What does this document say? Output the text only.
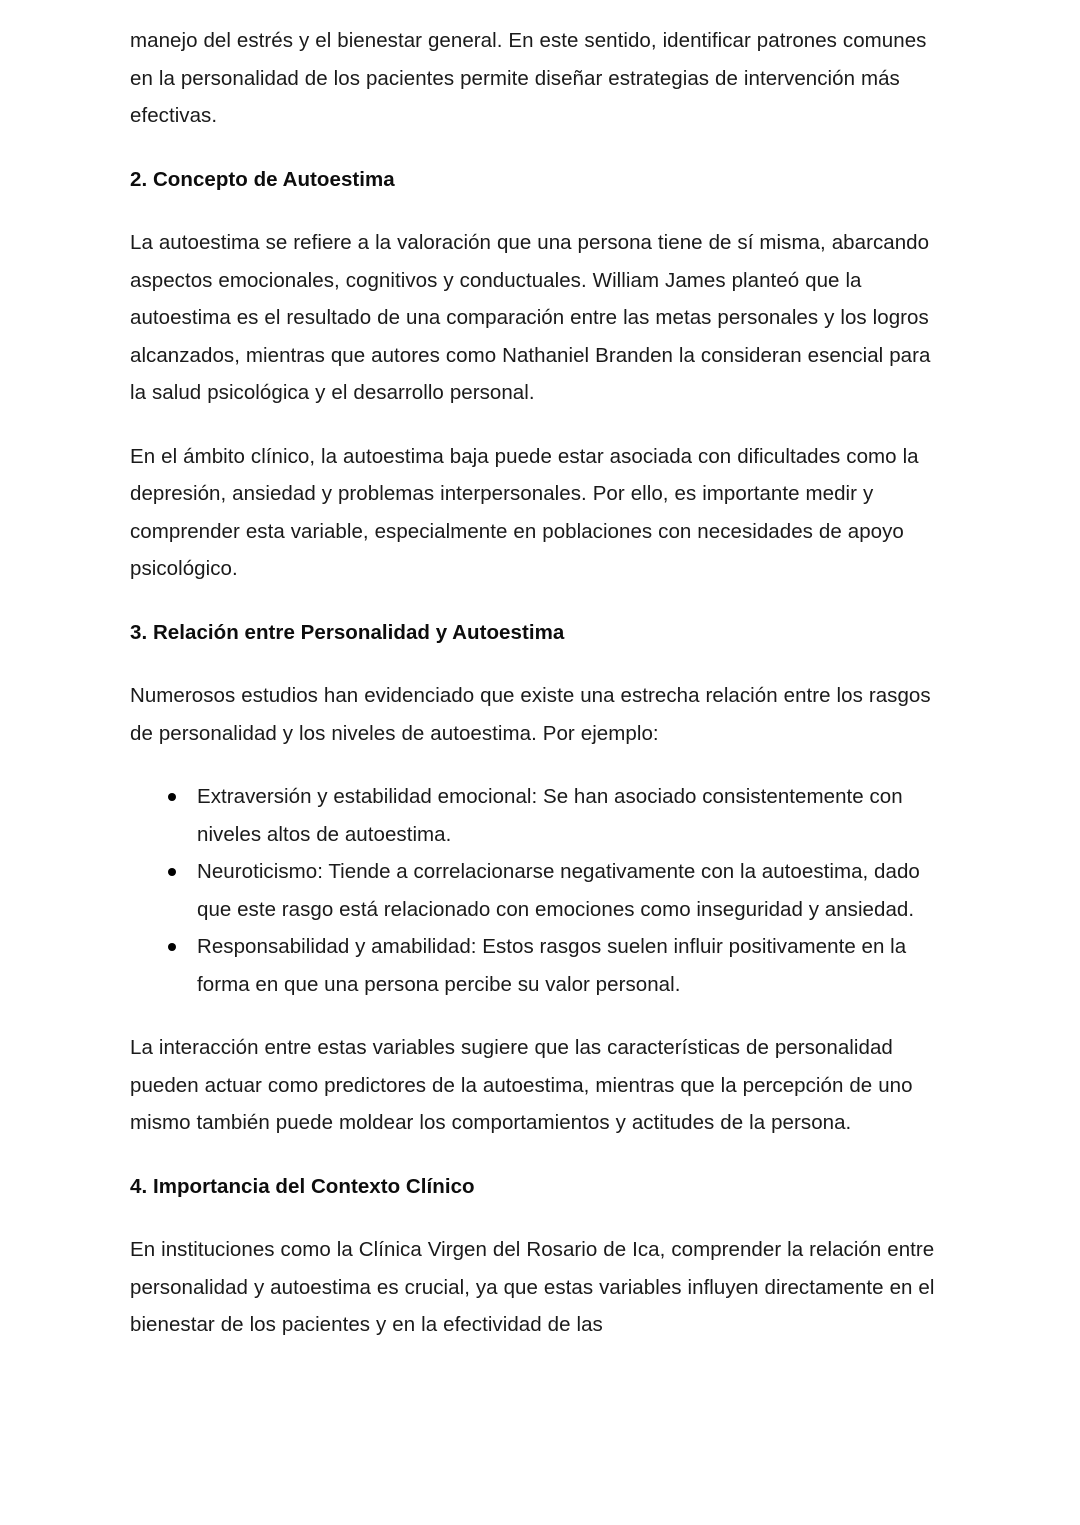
manejo del estrés y el bienestar general. En este sentido, identificar patrones comunes en la personalidad de los pacientes permite diseñar estrategias de intervención más efectivas.

2. Concepto de Autoestima

La autoestima se refiere a la valoración que una persona tiene de sí misma, abarcando aspectos emocionales, cognitivos y conductuales. William James planteó que la autoestima es el resultado de una comparación entre las metas personales y los logros alcanzados, mientras que autores como Nathaniel Branden la consideran esencial para la salud psicológica y el desarrollo personal.

En el ámbito clínico, la autoestima baja puede estar asociada con dificultades como la depresión, ansiedad y problemas interpersonales. Por ello, es importante medir y comprender esta variable, especialmente en poblaciones con necesidades de apoyo psicológico.

3. Relación entre Personalidad y Autoestima

Numerosos estudios han evidenciado que existe una estrecha relación entre los rasgos de personalidad y los niveles de autoestima. Por ejemplo:

Extraversión y estabilidad emocional: Se han asociado consistentemente con niveles altos de autoestima.
Neuroticismo: Tiende a correlacionarse negativamente con la autoestima, dado que este rasgo está relacionado con emociones como inseguridad y ansiedad.
Responsabilidad y amabilidad: Estos rasgos suelen influir positivamente en la forma en que una persona percibe su valor personal.

La interacción entre estas variables sugiere que las características de personalidad pueden actuar como predictores de la autoestima, mientras que la percepción de uno mismo también puede moldear los comportamientos y actitudes de la persona.

4. Importancia del Contexto Clínico

En instituciones como la Clínica Virgen del Rosario de Ica, comprender la relación entre personalidad y autoestima es crucial, ya que estas variables influyen directamente en el bienestar de los pacientes y en la efectividad de las
